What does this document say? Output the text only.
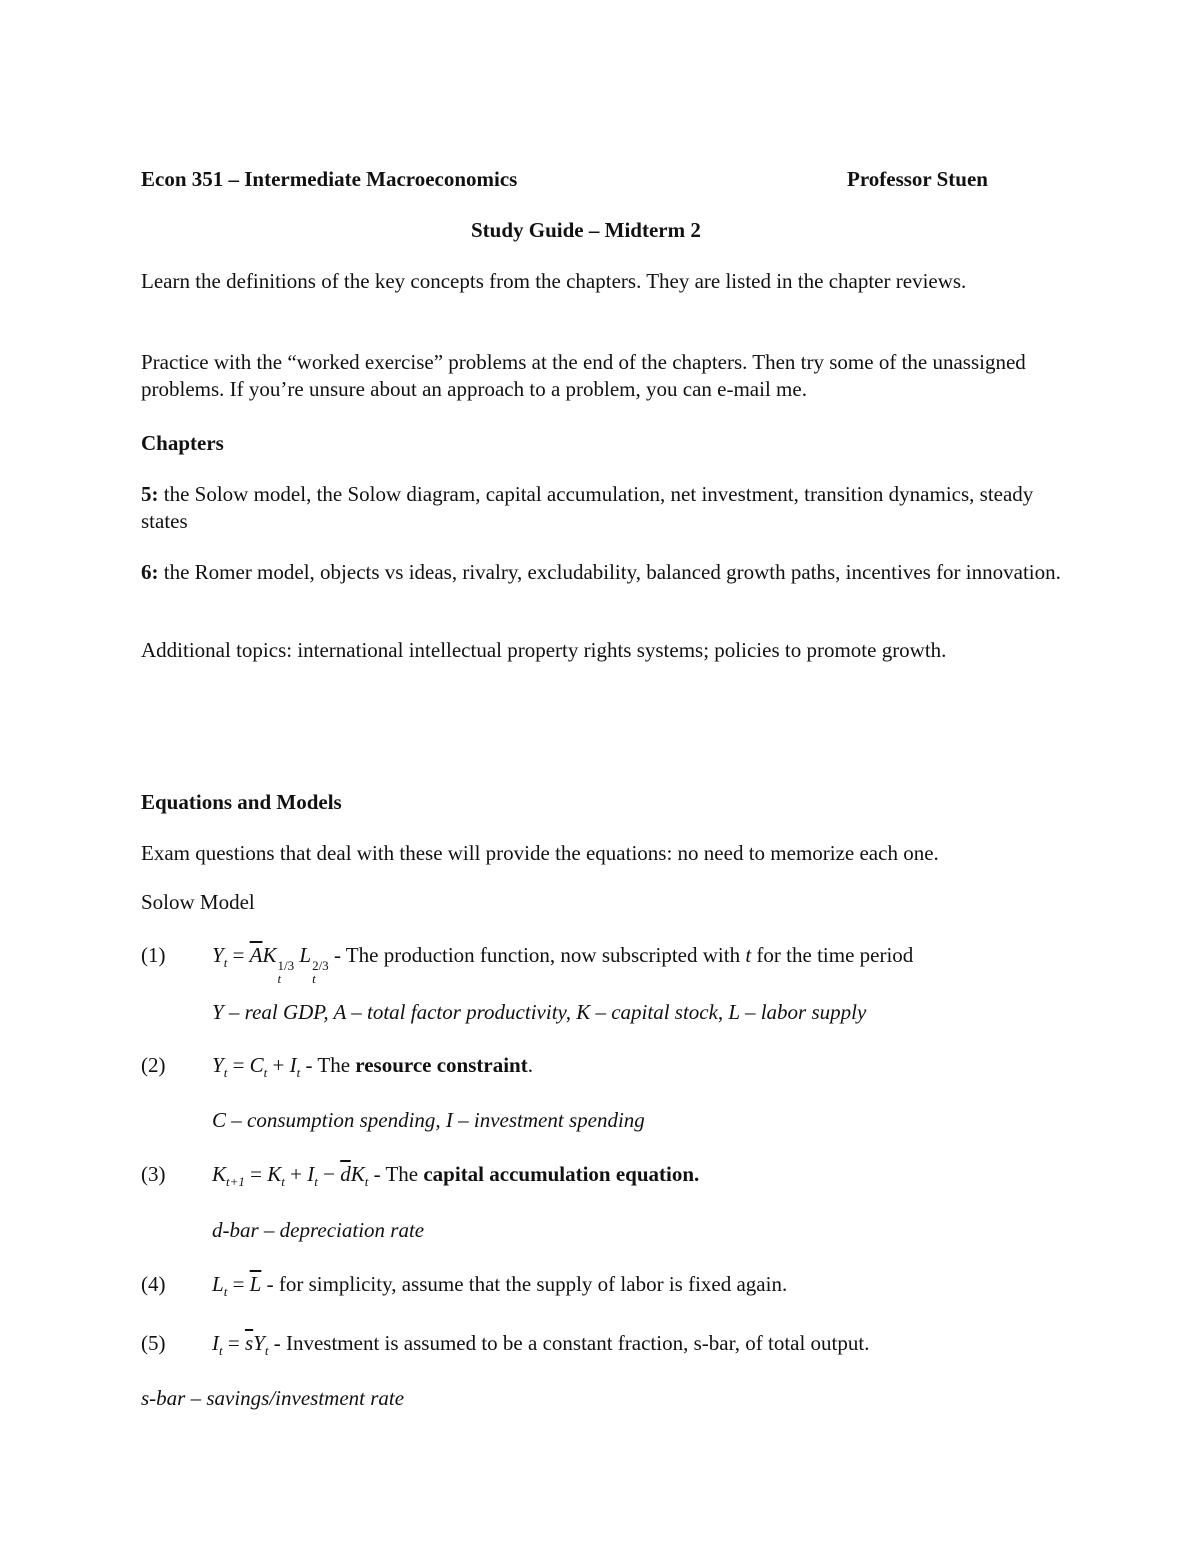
Econ 351 – Intermediate Macroeconomics	Professor Stuen

Study Guide – Midterm 2

Learn the definitions of the key concepts from the chapters. They are listed in the chapter reviews.

Practice with the “worked exercise” problems at the end of the chapters. Then try some of the unassigned problems. If you’re unsure about an approach to a problem, you can e-mail me.

Chapters

5: the Solow model, the Solow diagram, capital accumulation, net investment, transition dynamics, steady states

6: the Romer model, objects vs ideas, rivalry, excludability, balanced growth paths, incentives for innovation.

Additional topics: international intellectual property rights systems; policies to promote growth.

Equations and Models

Exam questions that deal with these will provide the equations: no need to memorize each one.

Solow Model

(1) $Y_t = \overline{A}K$ 1/3
t
L 2/3
t
- The production function, now subscripted with t for the time period

Y – real GDP, A – total factor productivity, K – capital stock, L – labor supply

(2) $Y_t = C_t + I_t$ - The resource constraint.

C – consumption spending, I – investment spending

(3) $K_{t+1} = K_t + I_t - \overline{d}K_t$ - The capital accumulation equation.

d-bar – depreciation rate

(4) $L_t = \overline{L}$ - for simplicity, assume that the supply of labor is fixed again.
(5) $I_t = \overline{s}Y_t$ - Investment is assumed to be a constant fraction, s-bar, of total output.

s-bar – savings/investment rate
